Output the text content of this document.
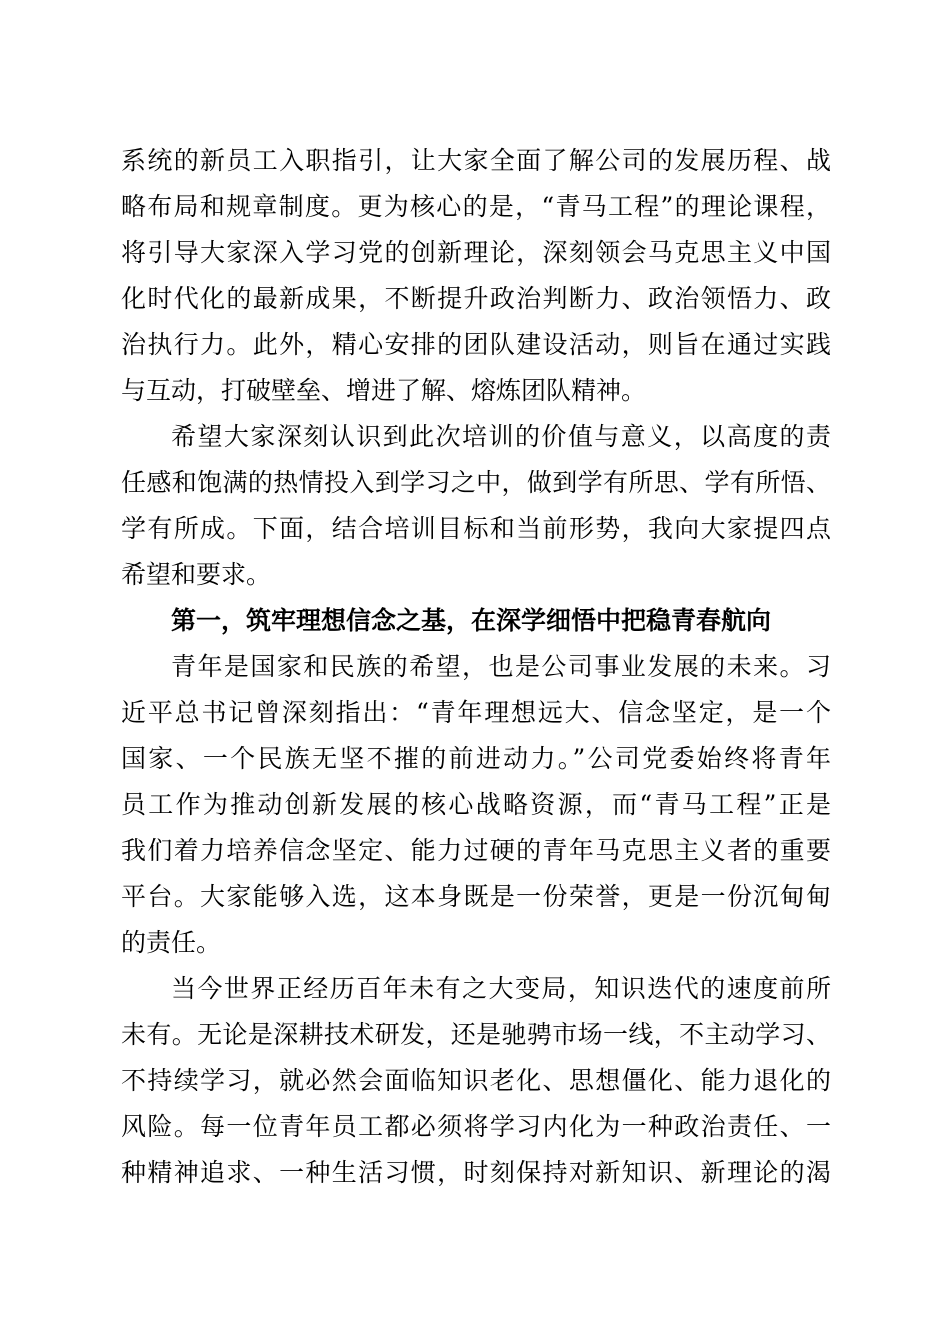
系统的新员工入职指引，让大家全面了解公司的发展历程、战
略布局和规章制度。更为核心的是，“青马工程”的理论课程，
将引导大家深入学习党的创新理论，深刻领会马克思主义中国
化时代化的最新成果，不断提升政治判断力、政治领悟力、政
治执行力。此外，精心安排的团队建设活动，则旨在通过实践
与互动，打破壁垒、增进了解、熔炼团队精神。
希望大家深刻认识到此次培训的价值与意义，以高度的责
任感和饱满的热情投入到学习之中，做到学有所思、学有所悟、
学有所成。下面，结合培训目标和当前形势，我向大家提四点
希望和要求。
第一，筑牢理想信念之基，在深学细悟中把稳青春航向
青年是国家和民族的希望，也是公司事业发展的未来。习
近平总书记曾深刻指出：“青年理想远大、信念坚定，是一个
国家、一个民族无坚不摧的前进动力。”公司党委始终将青年
员工作为推动创新发展的核心战略资源，而“青马工程”正是
我们着力培养信念坚定、能力过硬的青年马克思主义者的重要
平台。大家能够入选，这本身既是一份荣誉，更是一份沉甸甸
的责任。
当今世界正经历百年未有之大变局，知识迭代的速度前所
未有。无论是深耕技术研发，还是驰骋市场一线，不主动学习、
不持续学习，就必然会面临知识老化、思想僵化、能力退化的
风险。每一位青年员工都必须将学习内化为一种政治责任、一
种精神追求、一种生活习惯，时刻保持对新知识、新理论的渴
